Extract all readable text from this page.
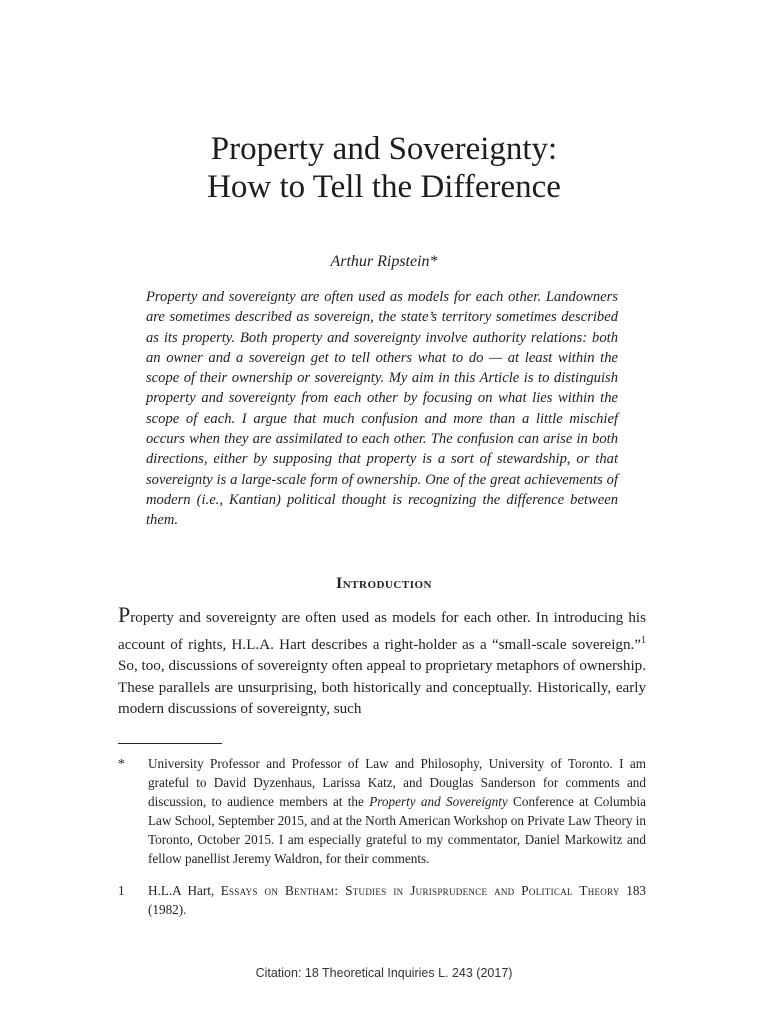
Property and Sovereignty:
How to Tell the Difference
Arthur Ripstein*

Property and sovereignty are often used as models for each other. Landowners are sometimes described as sovereign, the state’s territory sometimes described as its property. Both property and sovereignty involve authority relations: both an owner and a sovereign get to tell others what to do — at least within the scope of their ownership or sovereignty. My aim in this Article is to distinguish property and sovereignty from each other by focusing on what lies within the scope of each. I argue that much confusion and more than a little mischief occurs when they are assimilated to each other. The confusion can arise in both directions, either by supposing that property is a sort of stewardship, or that sovereignty is a large-scale form of ownership. One of the great achievements of modern (i.e., Kantian) political thought is recognizing the difference between them.

Introduction

Property and sovereignty are often used as models for each other. In introducing his account of rights, H.L.A. Hart describes a right-holder as a “small-scale sovereign.”$^1$ So, too, discussions of sovereignty often appeal to proprietary metaphors of ownership. These parallels are unsurprising, both historically and conceptually. Historically, early modern discussions of sovereignty, such

*	University Professor and Professor of Law and Philosophy, University of Toronto. I am grateful to David Dyzenhaus, Larissa Katz, and Douglas Sanderson for comments and discussion, to audience members at the Property and Sovereignty Conference at Columbia Law School, September 2015, and at the North American Workshop on Private Law Theory in Toronto, October 2015. I am especially grateful to my commentator, Daniel Markowitz and fellow panellist Jeremy Waldron, for their comments.
1	H.L.A Hart, Essays on Bentham: Studies in Jurisprudence and Political Theory 183 (1982).
Citation: 18 Theoretical Inquiries L. 243 (2017)
